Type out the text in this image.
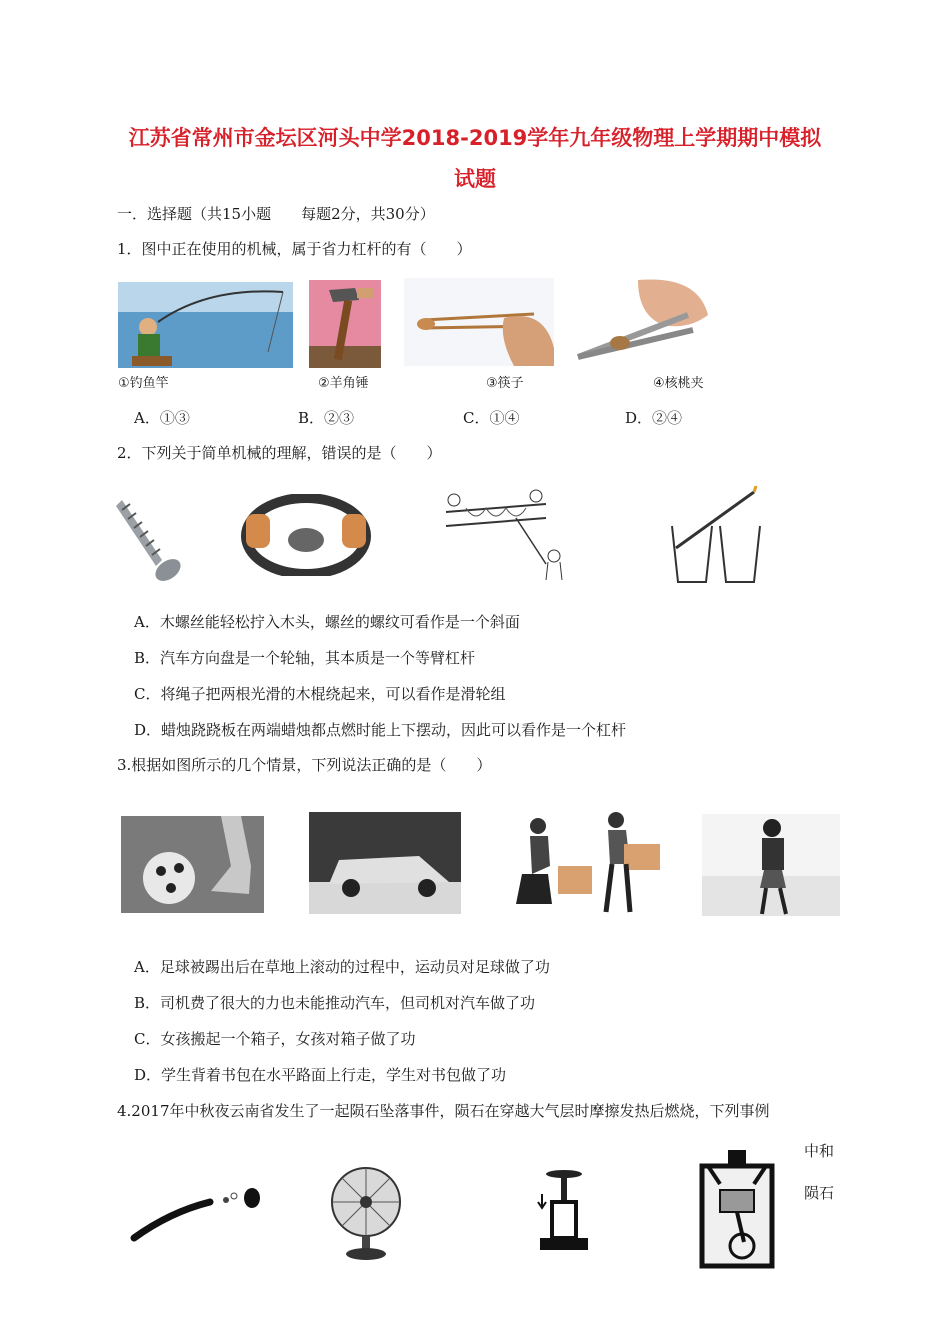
江苏省常州市金坛区河头中学2018-2019学年九年级物理上学期期中模拟
试题
一．选择题（共15小题　　每题2分，共30分）
1．图中正在使用的机械，属于省力杠杆的有（　　）
①钓鱼竿	②羊角锤	③筷子	④核桃夹
A．①③	B．②③	C．①④	D．②④
2．下列关于简单机械的理解，错误的是（　　）
A．木螺丝能轻松拧入木头，螺丝的螺纹可看作是一个斜面
B．汽车方向盘是一个轮轴，其本质是一个等臂杠杆
C．将绳子把两根光滑的木棍绕起来，可以看作是滑轮组
D．蜡烛跷跷板在两端蜡烛都点燃时能上下摆动，因此可以看作是一个杠杆
3.根据如图所示的几个情景，下列说法正确的是（　　）
A．足球被踢出后在草地上滚动的过程中，运动员对足球做了功
B．司机费了很大的力也未能推动汽车，但司机对汽车做了功
C．女孩搬起一个箱子，女孩对箱子做了功
D．学生背着书包在水平路面上行走，学生对书包做了功
4.2017年中秋夜云南省发生了一起陨石坠落事件，陨石在穿越大气层时摩擦发热后燃烧，下列事例
中和
陨石
